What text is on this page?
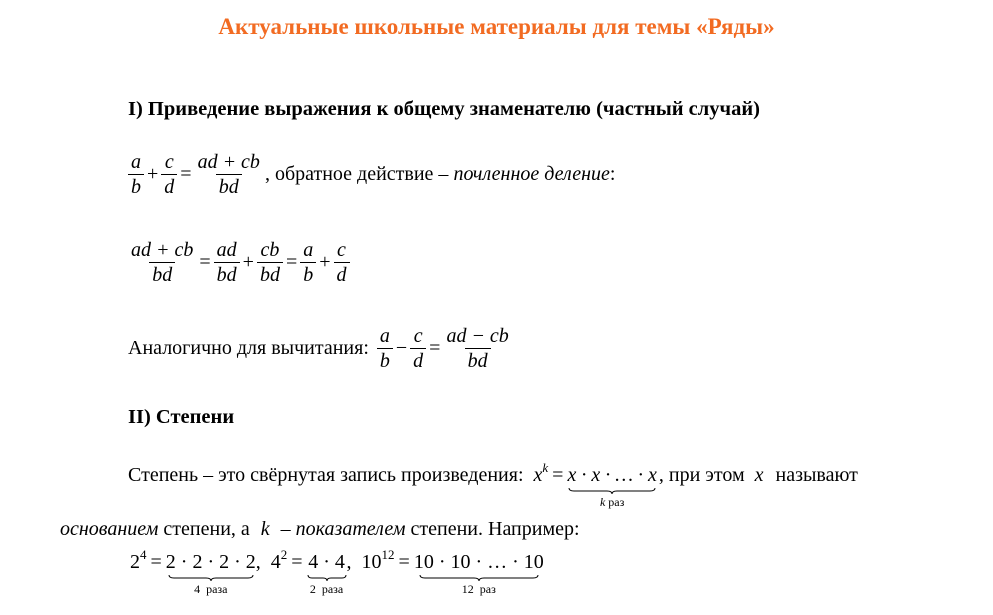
Актуальные школьные материалы для темы «Ряды»
I) Приведение выражения к общему знаменателю (частный случай)
$\frac{a}{b} + \frac{c}{d} = \frac{ad + cb}{bd}$ , обратное действие – почленное деление :
$\frac{ad + cb}{bd} = \frac{ad}{bd} + \frac{cb}{bd} = \frac{a}{b} + \frac{c}{d}$
Аналогично для вычитания: $\frac{a}{b} - \frac{c}{d} = \frac{ad - cb}{bd}$
II) Степени
Степень – это свёрнутая запись произведения: $x^k = x \cdot x$ · … · x
k раз
, при этом x называют
основанием степени, а k – показателем степени. Например:
$2^4 = 2 \cdot 2 \cdot 2 \cdot 2$
4  раза
, $4^2 = 4 \cdot 4$
2  раза
, $10^{12} = 10 \cdot 10$ · … · 10
12  раз
